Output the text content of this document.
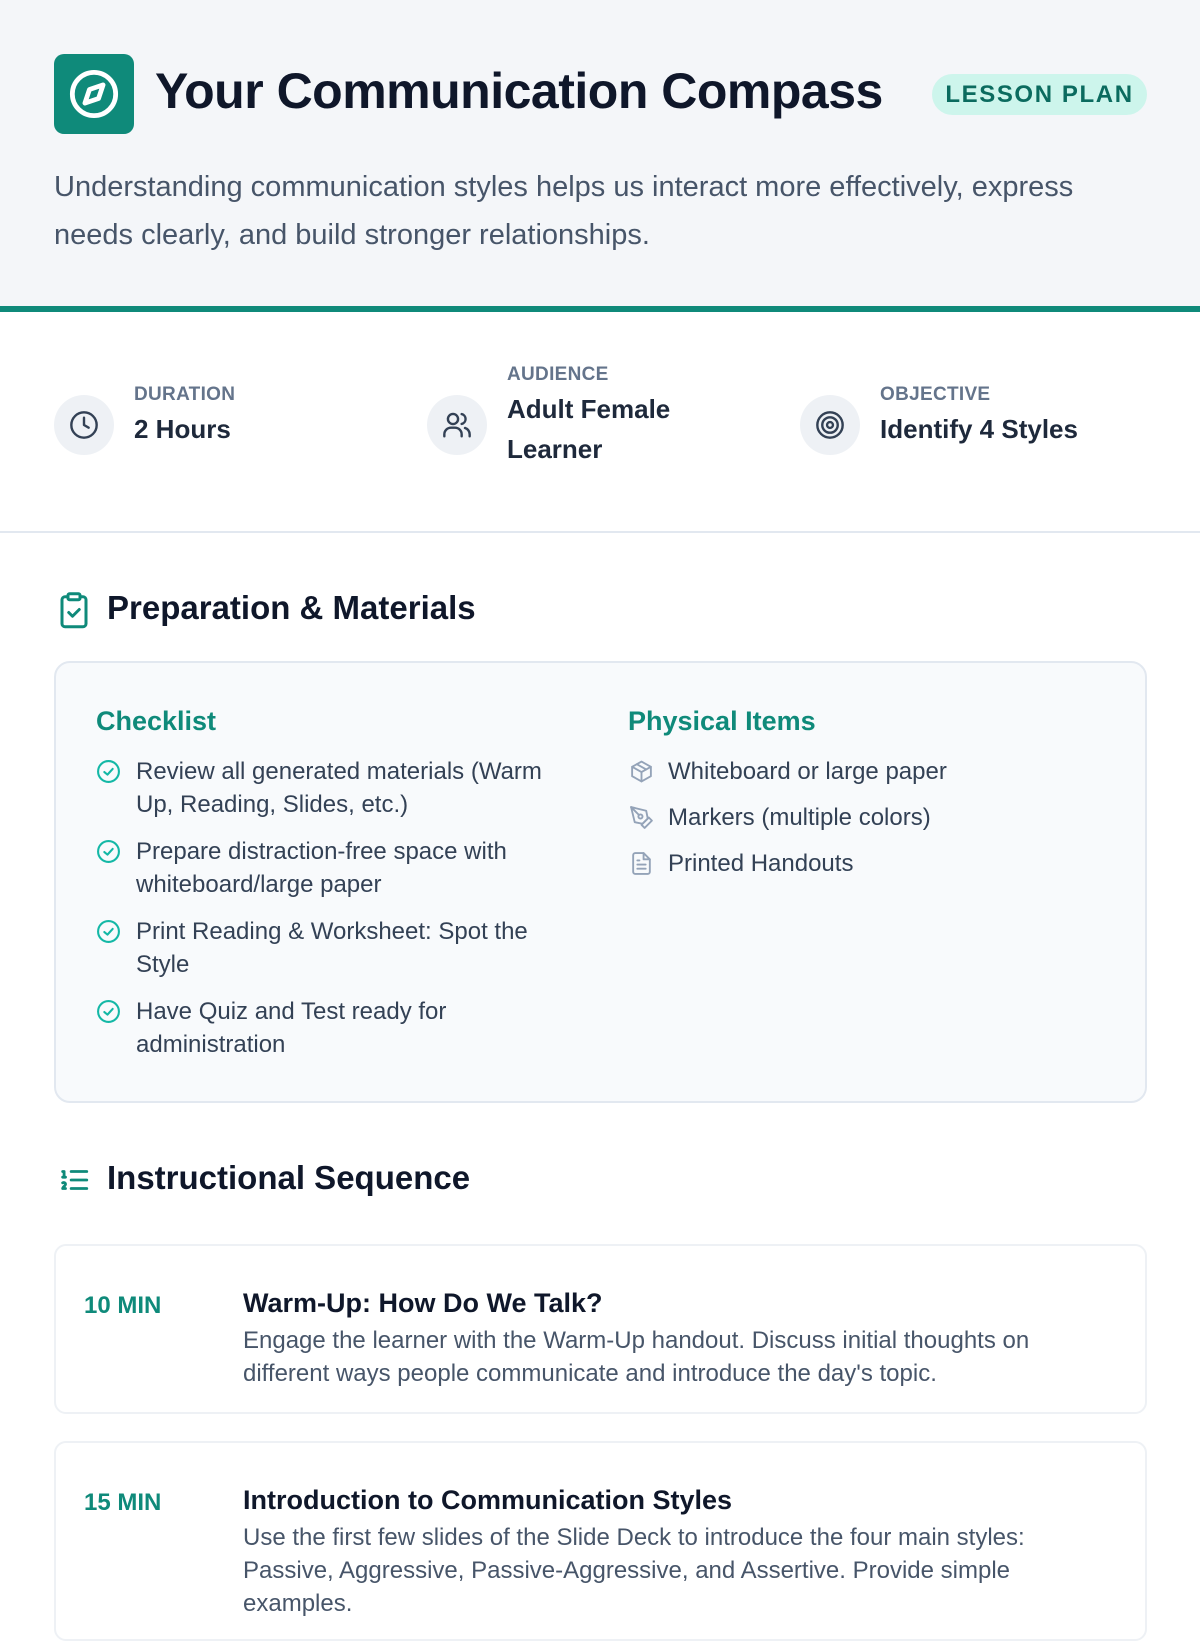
Your Communication Compass	LESSON PLAN
Understanding communication styles helps us interact more effectively, express needs clearly, and build stronger relationships.
DURATION
2 Hours
AUDIENCE
Adult Female Learner
OBJECTIVE
Identify 4 Styles
Preparation & Materials
Checklist
Review all generated materials (Warm Up, Reading, Slides, etc.)
Prepare distraction-free space with whiteboard/large paper
Print Reading & Worksheet: Spot the Style
Have Quiz and Test ready for administration
Physical Items
Whiteboard or large paper
Markers (multiple colors)
Printed Handouts
Instructional Sequence
10 MIN	Warm-Up: How Do We Talk?
Engage the learner with the Warm-Up handout. Discuss initial thoughts on different ways people communicate and introduce the day's topic.
15 MIN	Introduction to Communication Styles
Use the first few slides of the Slide Deck to introduce the four main styles: Passive, Aggressive, Passive-Aggressive, and Assertive. Provide simple examples.
